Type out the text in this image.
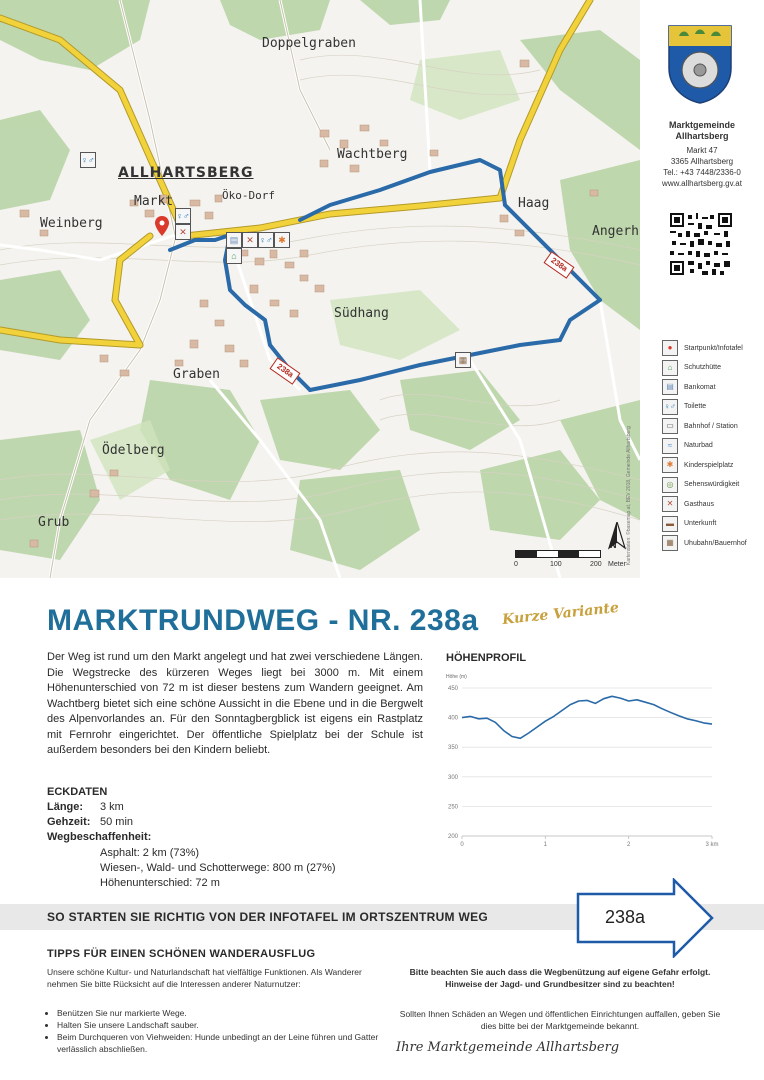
Doppelgraben
ALLHARTSBERG
Wachtberg
Öko-Dorf
Markt	Haag
Weinberg
Angerh
Südhang
Graben
Ödelberg
Grub
♀♂
♀♂
✕
▤ ✕ ♀♂ ✱
⌂
▦
238a
238a
0	100	200 Meter
N Kartendaten: ©basemap.at, BEV 2018, Gemeinde Allhartsberg
Marktgemeinde
Allhartsberg
Markt 47
3365 Allhartsberg
Tel.: +43 7448/2336-0
www.allhartsberg.gv.at
●	Startpunkt/Infotafel
⌂	Schutzhütte
▤	Bankomat
♀♂ Toilette
▭	Bahnhof / Station
≈	Naturbad
✱	Kinderspielplatz
◎	Sehenswürdigkeit
✕	Gasthaus
▬	Unterkunft
▦	Uhubahn/Bauernhof
MARKTRUNDWEG - NR. 238a Kurze Variante
Der Weg ist rund um den Markt angelegt und hat zwei verschiedene Längen. Die Wegstrecke des kürzeren Weges liegt bei 3000 m. Mit einem Höhenunterschied von 72 m ist dieser bestens zum Wandern geeignet. Am Wachtberg bietet sich eine schöne Aussicht in die Ebene und in die Bergwelt des Alpenvorlandes an. Für den Sonntagbergblick ist eigens ein Rastplatz mit Fernrohr eingerichtet. Der öffentliche Spielplatz bei der Schule ist außerdem besonders bei den Kindern beliebt.
ECKDATEN
Länge: 3 km
Gehzeit: 50 min
Wegbeschaffenheit:
Asphalt: 2 km (73%)
Wiesen-, Wald- und Schotterwege: 800 m (27%)
Höhenunterschied: 72 m
HÖHENPROFIL
Höhe (m)
450
400
350
300
250
200
0	1	2	3 km
SO STARTEN SIE RICHTIG VON DER INFOTAFEL IM ORTSZENTRUM WEG	238a
TIPPS FÜR EINEN SCHÖNEN WANDERAUSFLUG
Unsere schöne Kultur- und Naturlandschaft hat vielfältige Funktionen. Als Wanderer nehmen Sie bitte Rücksicht auf die Interessen anderer Naturnutzer:
• Benützen Sie nur markierte Wege.
• Halten Sie unsere Landschaft sauber.
• Beim Durchqueren von Viehweiden: Hunde unbedingt an der Leine führen und Gatter verlässlich abschließen.
Bitte beachten Sie auch dass die Wegbenützung auf eigene Gefahr erfolgt. Hinweise der Jagd- und Grundbesitzer sind zu beachten!
Sollten Ihnen Schäden an Wegen und öffentlichen Einrichtungen auffallen, geben Sie dies bitte bei der Marktgemeinde bekannt.
Ihre Marktgemeinde Allhartsberg
